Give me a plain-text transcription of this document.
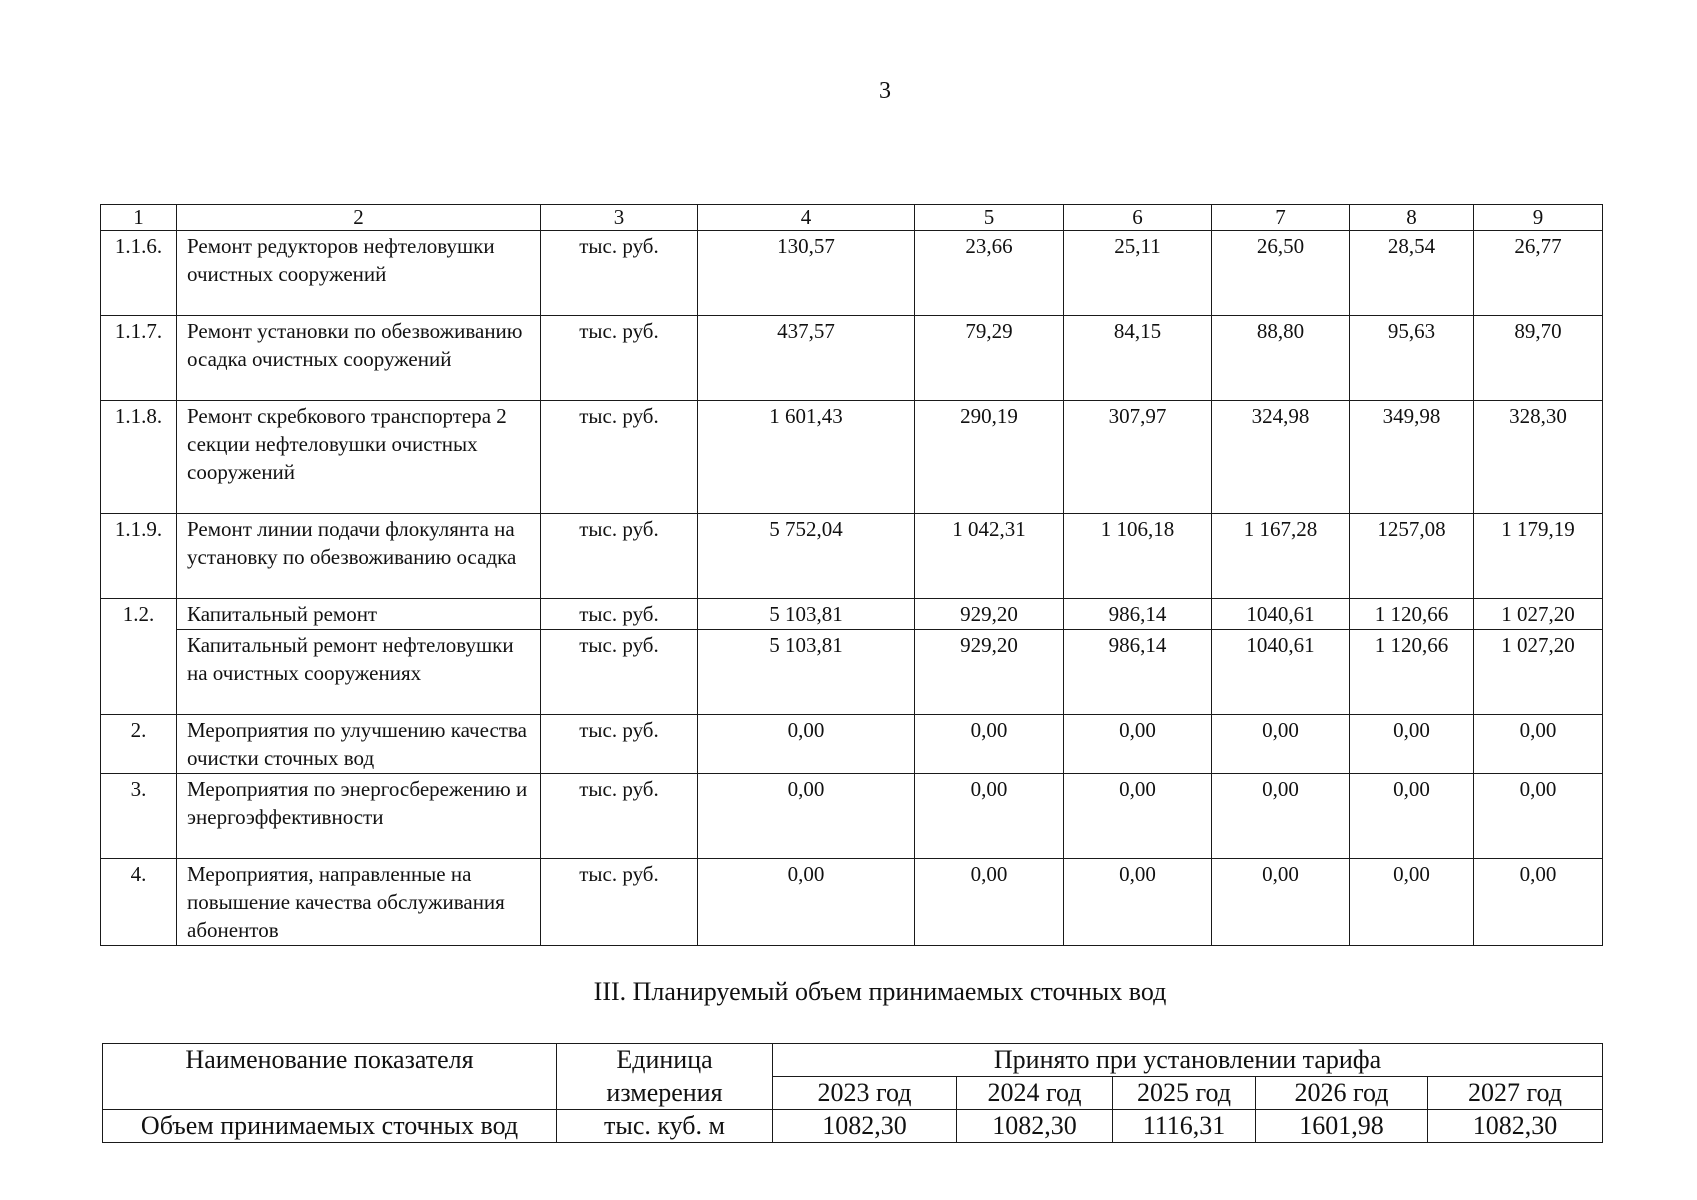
3
1	2	3	4	5	6	7	8	9
1.1.6.	Ремонт редукторов нефтеловушки очистных сооружений	тыс. руб.	130,57	23,66	25,11	26,50	28,54	26,77
1.1.7.	Ремонт установки по обезвоживанию осадка очистных сооружений	тыс. руб.	437,57	79,29	84,15	88,80	95,63	89,70
1.1.8.	Ремонт скребкового транспортера 2 секции нефтеловушки очистных сооружений	тыс. руб.	1 601,43	290,19	307,97	324,98	349,98	328,30
1.1.9.	Ремонт линии подачи флокулянта на установку по обезвоживанию осадка	тыс. руб.	5 752,04	1 042,31	1 106,18	1 167,28	1257,08	1 179,19
1.2.	Капитальный ремонт	тыс. руб.	5 103,81	929,20	986,14	1040,61	1 120,66	1 027,20
	Капитальный ремонт нефтеловушки на очистных сооружениях	тыс. руб.	5 103,81	929,20	986,14	1040,61	1 120,66	1 027,20
2.	Мероприятия по улучшению качества очистки сточных вод	тыс. руб.	0,00	0,00	0,00	0,00	0,00	0,00
3.	Мероприятия по энергосбережению и энергоэффективности	тыс. руб.	0,00	0,00	0,00	0,00	0,00	0,00
4.	Мероприятия, направленные на повышение качества обслуживания абонентов	тыс. руб.	0,00	0,00	0,00	0,00	0,00	0,00
III. Планируемый объем принимаемых сточных вод
Наименование показателя	Единица	Принято при установлении тарифа				
	измерения	2023 год	2024 год	2025 год	2026 год	2027 год
Объем принимаемых сточных вод	тыс. куб. м	1082,30	1082,30	1116,31	1601,98	1082,30
